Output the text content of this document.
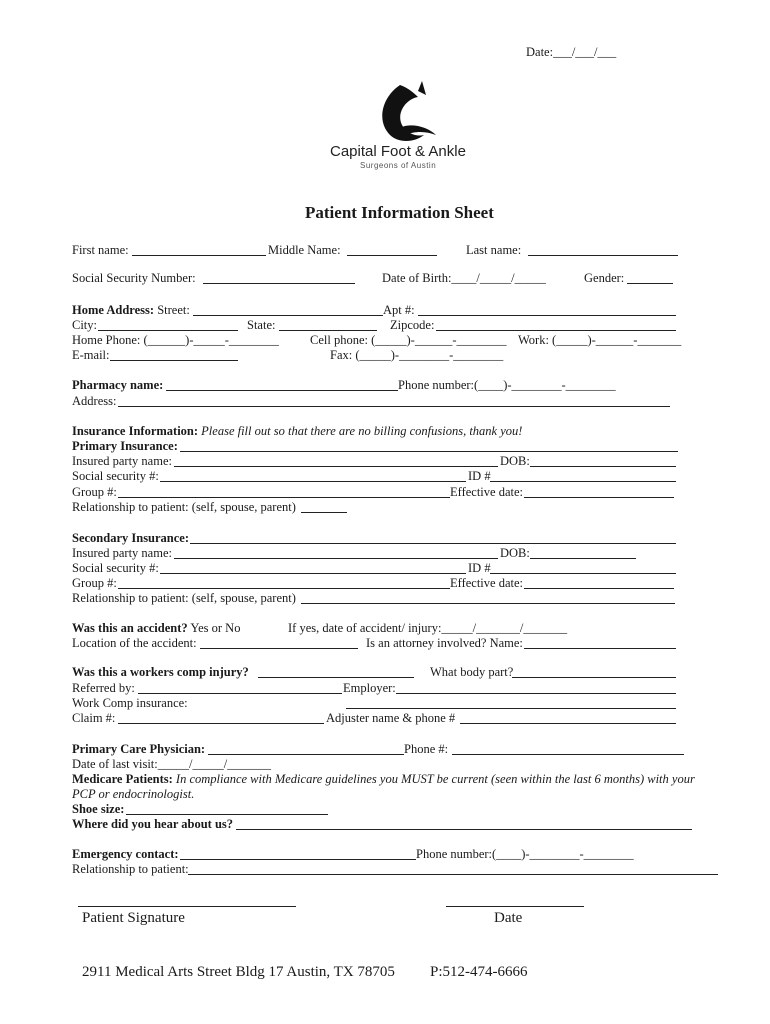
Date:___/___/___
Capital Foot & Ankle
Surgeons of Austin
Patient Information Sheet
First name:	Middle Name:	Last name:
Social Security Number:	Date of Birth:____/_____/_____	Gender:
Home Address: Street:	Apt #:
City:	State:	Zipcode:
Home Phone: (______)-_____-________ Cell phone: (_____)-______-________ Work: (_____)-______-_______
E-mail:	Fax: (_____)-________-________
Pharmacy name:	Phone number:(____)-________-________
Address:
Insurance Information: Please fill out so that there are no billing confusions, thank you!
Primary Insurance:
Insured party name:	DOB:
Social security #:	ID #
Group #:	Effective date:
Relationship to patient: (self, spouse, parent)
Secondary Insurance:
Insured party name:	DOB:
Social security #:	ID #
Group #:	Effective date:
Relationship to patient: (self, spouse, parent)
Was this an accident? Yes or No	If yes, date of accident/ injury:_____/_______/_______
Location of the accident:	Is an attorney involved? Name:
Was this a workers comp injury?	What body part?
Referred by:	Employer:
Work Comp insurance:
Claim #:	Adjuster name & phone #
Primary Care Physician:	Phone #:
Date of last visit:_____/_____/_______
Medicare Patients: In compliance with Medicare guidelines you MUST be current (seen within the last 6 months) with your
PCP or endocrinologist.
Shoe size:
Where did you hear about us?
Emergency contact:	Phone number:(____)-________-________
Relationship to patient:
Patient Signature	Date
2911 Medical Arts Street Bldg 17 Austin, TX 78705 P:512-474-6666
